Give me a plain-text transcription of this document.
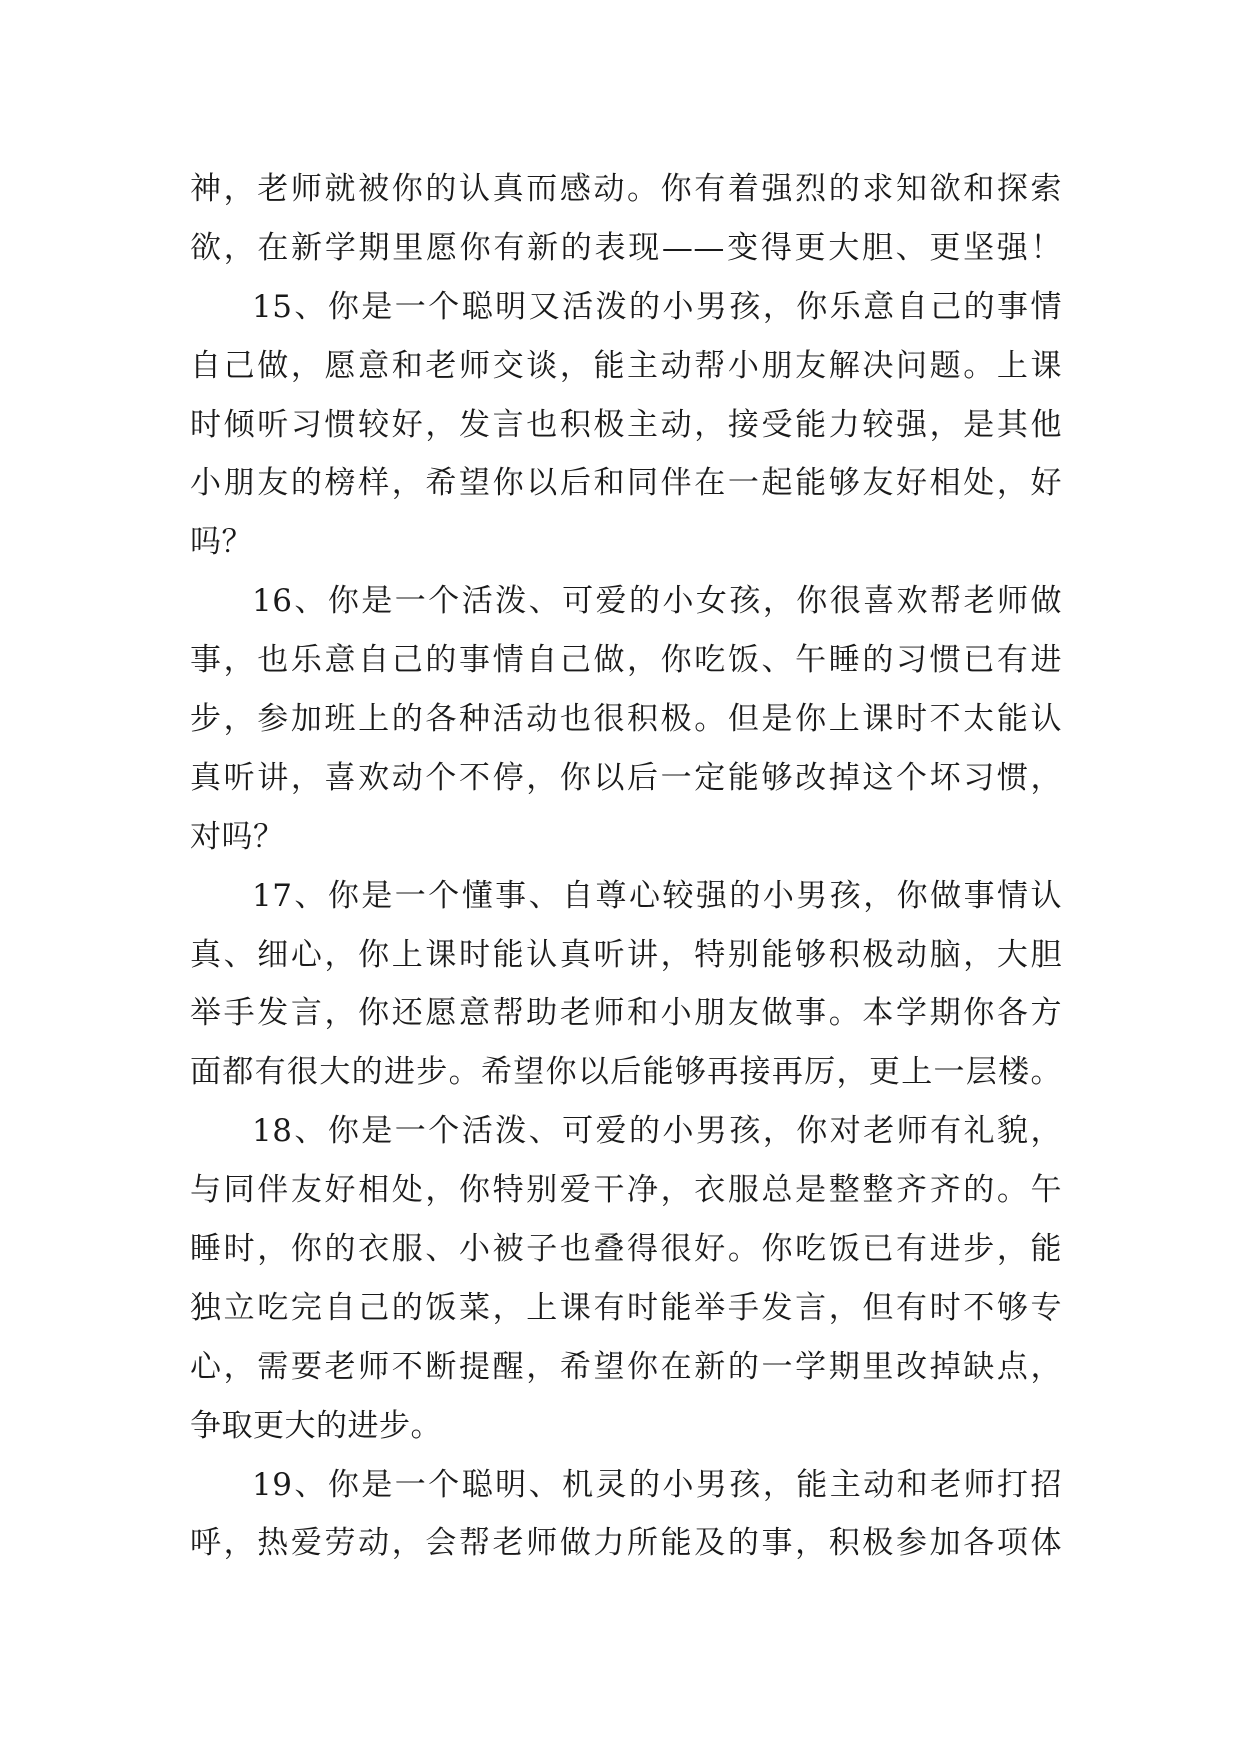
神，老师就被你的认真而感动。你有着强烈的求知欲和探索
欲，在新学期里愿你有新的表现——变得更大胆、更坚强！
15、你是一个聪明又活泼的小男孩，你乐意自己的事情
自己做，愿意和老师交谈，能主动帮小朋友解决问题。上课
时倾听习惯较好，发言也积极主动，接受能力较强，是其他
小朋友的榜样，希望你以后和同伴在一起能够友好相处，好
吗？
16、你是一个活泼、可爱的小女孩，你很喜欢帮老师做
事，也乐意自己的事情自己做，你吃饭、午睡的习惯已有进
步，参加班上的各种活动也很积极。但是你上课时不太能认
真听讲，喜欢动个不停，你以后一定能够改掉这个坏习惯，
对吗？
17、你是一个懂事、自尊心较强的小男孩，你做事情认
真、细心，你上课时能认真听讲，特别能够积极动脑，大胆
举手发言，你还愿意帮助老师和小朋友做事。本学期你各方
面都有很大的进步。希望你以后能够再接再厉，更上一层楼。
18、你是一个活泼、可爱的小男孩，你对老师有礼貌，
与同伴友好相处，你特别爱干净，衣服总是整整齐齐的。午
睡时，你的衣服、小被子也叠得很好。你吃饭已有进步，能
独立吃完自己的饭菜，上课有时能举手发言，但有时不够专
心，需要老师不断提醒，希望你在新的一学期里改掉缺点，
争取更大的进步。
19、你是一个聪明、机灵的小男孩，能主动和老师打招
呼，热爱劳动，会帮老师做力所能及的事，积极参加各项体
